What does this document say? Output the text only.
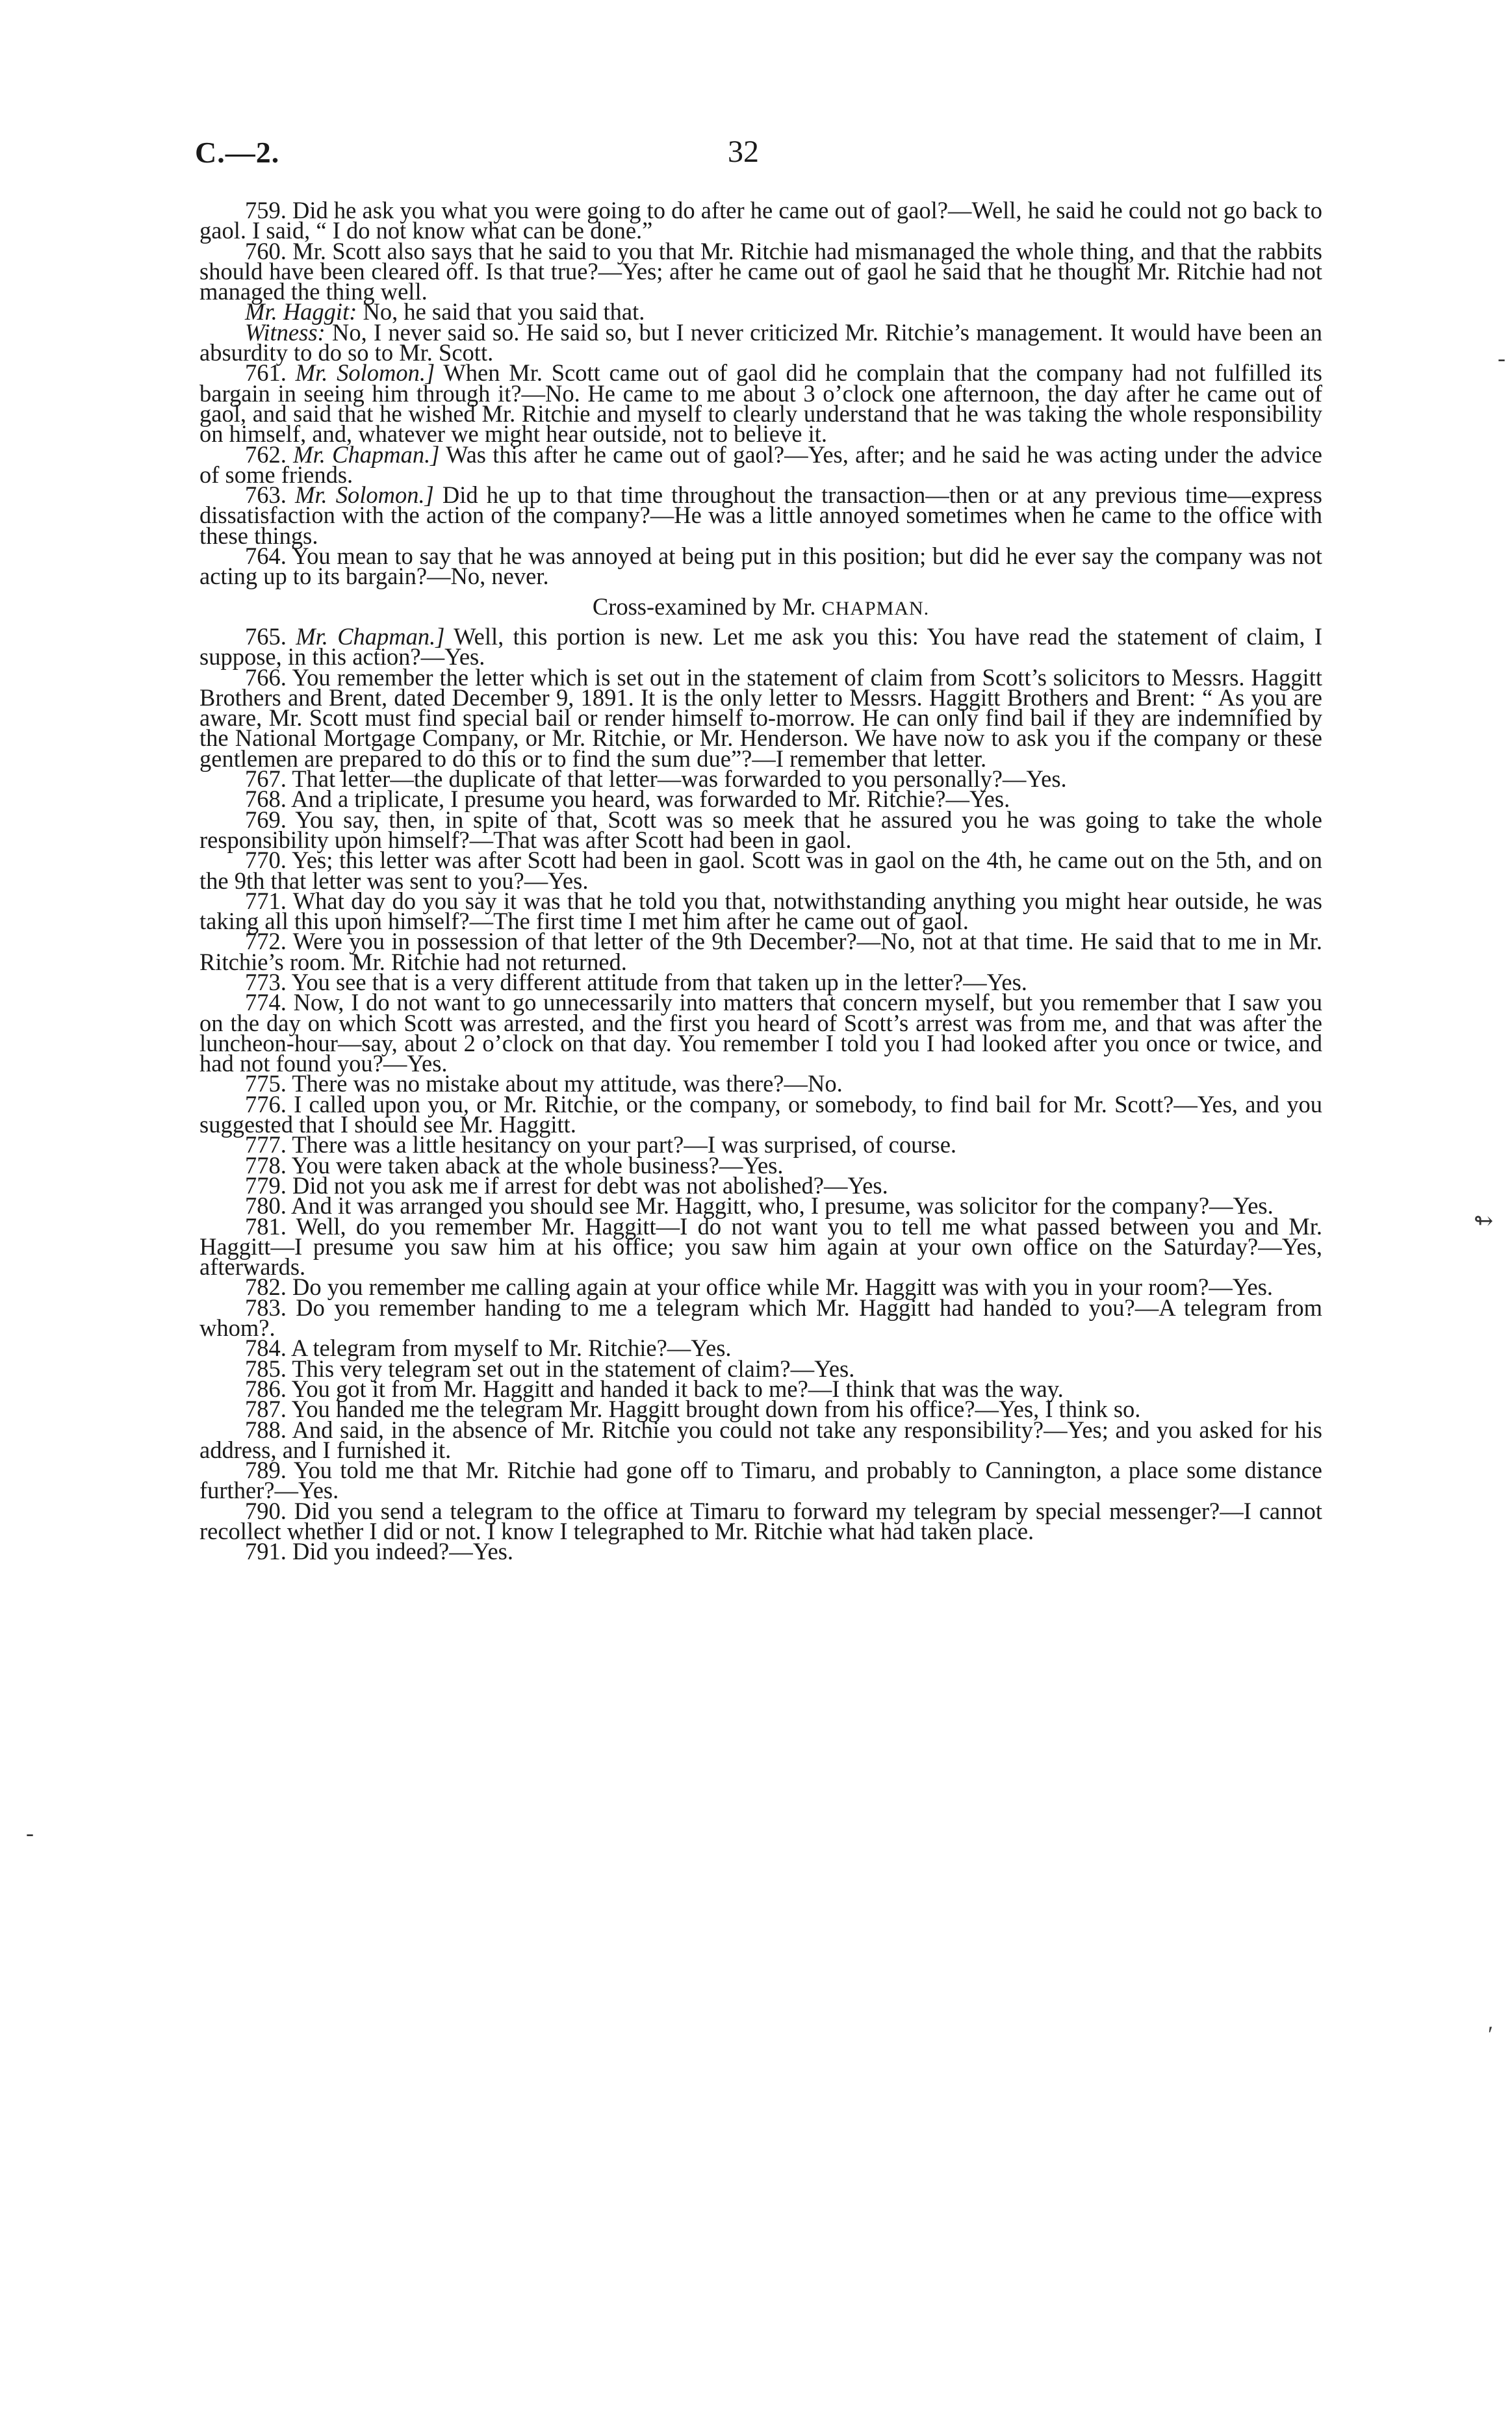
C.—2.	32

759. Did he ask you what you were going to do after he came out of gaol?—Well, he said he could not go back to gaol. I said, “ I do not know what can be done.”

760. Mr. Scott also says that he said to you that Mr. Ritchie had mismanaged the whole thing, and that the rabbits should have been cleared off. Is that true?—Yes; after he came out of gaol he said that he thought Mr. Ritchie had not managed the thing well.

Mr. Haggit: No, he said that you said that.

Witness: No, I never said so. He said so, but I never criticized Mr. Ritchie’s management. It would have been an absurdity to do so to Mr. Scott.

761. Mr. Solomon.] When Mr. Scott came out of gaol did he complain that the company had not fulfilled its bargain in seeing him through it?—No. He came to me about 3 o’clock one afternoon, the day after he came out of gaol, and said that he wished Mr. Ritchie and myself to clearly understand that he was taking the whole responsibility on himself, and, whatever we might hear outside, not to believe it.

762. Mr. Chapman.] Was this after he came out of gaol?—Yes, after; and he said he was acting under the advice of some friends.

763. Mr. Solomon.] Did he up to that time throughout the transaction—then or at any previous time—express dissatisfaction with the action of the company?—He was a little annoyed sometimes when he came to the office with these things.

764. You mean to say that he was annoyed at being put in this position; but did he ever say the company was not acting up to its bargain?—No, never.

Cross-examined by Mr. CHAPMAN.

765. Mr. Chapman.] Well, this portion is new. Let me ask you this: You have read the statement of claim, I suppose, in this action?—Yes.

766. You remember the letter which is set out in the statement of claim from Scott’s solicitors to Messrs. Haggitt Brothers and Brent, dated December 9, 1891. It is the only letter to Messrs. Haggitt Brothers and Brent: “ As you are aware, Mr. Scott must find special bail or render himself to-morrow. He can only find bail if they are indemnified by the National Mortgage Company, or Mr. Ritchie, or Mr. Henderson. We have now to ask you if the company or these gentlemen are prepared to do this or to find the sum due”?—I remember that letter.

767. That letter—the duplicate of that letter—was forwarded to you personally?—Yes.

768. And a triplicate, I presume you heard, was forwarded to Mr. Ritchie?—Yes.

769. You say, then, in spite of that, Scott was so meek that he assured you he was going to take the whole responsibility upon himself?—That was after Scott had been in gaol.

770. Yes; this letter was after Scott had been in gaol. Scott was in gaol on the 4th, he came out on the 5th, and on the 9th that letter was sent to you?—Yes.

771. What day do you say it was that he told you that, notwithstanding anything you might hear outside, he was taking all this upon himself?—The first time I met him after he came out of gaol.

772. Were you in possession of that letter of the 9th December?—No, not at that time. He said that to me in Mr. Ritchie’s room. Mr. Ritchie had not returned.

773. You see that is a very different attitude from that taken up in the letter?—Yes.

774. Now, I do not want to go unnecessarily into matters that concern myself, but you remember that I saw you on the day on which Scott was arrested, and the first you heard of Scott’s arrest was from me, and that was after the luncheon-hour—say, about 2 o’clock on that day. You remember I told you I had looked after you once or twice, and had not found you?—Yes.

775. There was no mistake about my attitude, was there?—No.

776. I called upon you, or Mr. Ritchie, or the company, or somebody, to find bail for Mr. Scott?—Yes, and you suggested that I should see Mr. Haggitt.

777. There was a little hesitancy on your part?—I was surprised, of course.

778. You were taken aback at the whole business?—Yes.

779. Did not you ask me if arrest for debt was not abolished?—Yes.

780. And it was arranged you should see Mr. Haggitt, who, I presume, was solicitor for the company?—Yes.

781. Well, do you remember Mr. Haggitt—I do not want you to tell me what passed between you and Mr. Haggitt—I presume you saw him at his office; you saw him again at your own office on the Saturday?—Yes, afterwards.

782. Do you remember me calling again at your office while Mr. Haggitt was with you in your room?—Yes.

783. Do you remember handing to me a telegram which Mr. Haggitt had handed to you?—A telegram from whom?.

784. A telegram from myself to Mr. Ritchie?—Yes.

785. This very telegram set out in the statement of claim?—Yes.

786. You got it from Mr. Haggitt and handed it back to me?—I think that was the way.

787. You handed me the telegram Mr. Haggitt brought down from his office?—Yes, I think so.

788. And said, in the absence of Mr. Ritchie you could not take any responsibility?—Yes; and you asked for his address, and I furnished it.

789. You told me that Mr. Ritchie had gone off to Timaru, and probably to Cannington, a place some distance further?—Yes.

790. Did you send a telegram to the office at Timaru to forward my telegram by special messenger?—I cannot recollect whether I did or not. I know I telegraphed to Mr. Ritchie what had taken place.

791. Did you indeed?—Yes.

-
↬
′
-
